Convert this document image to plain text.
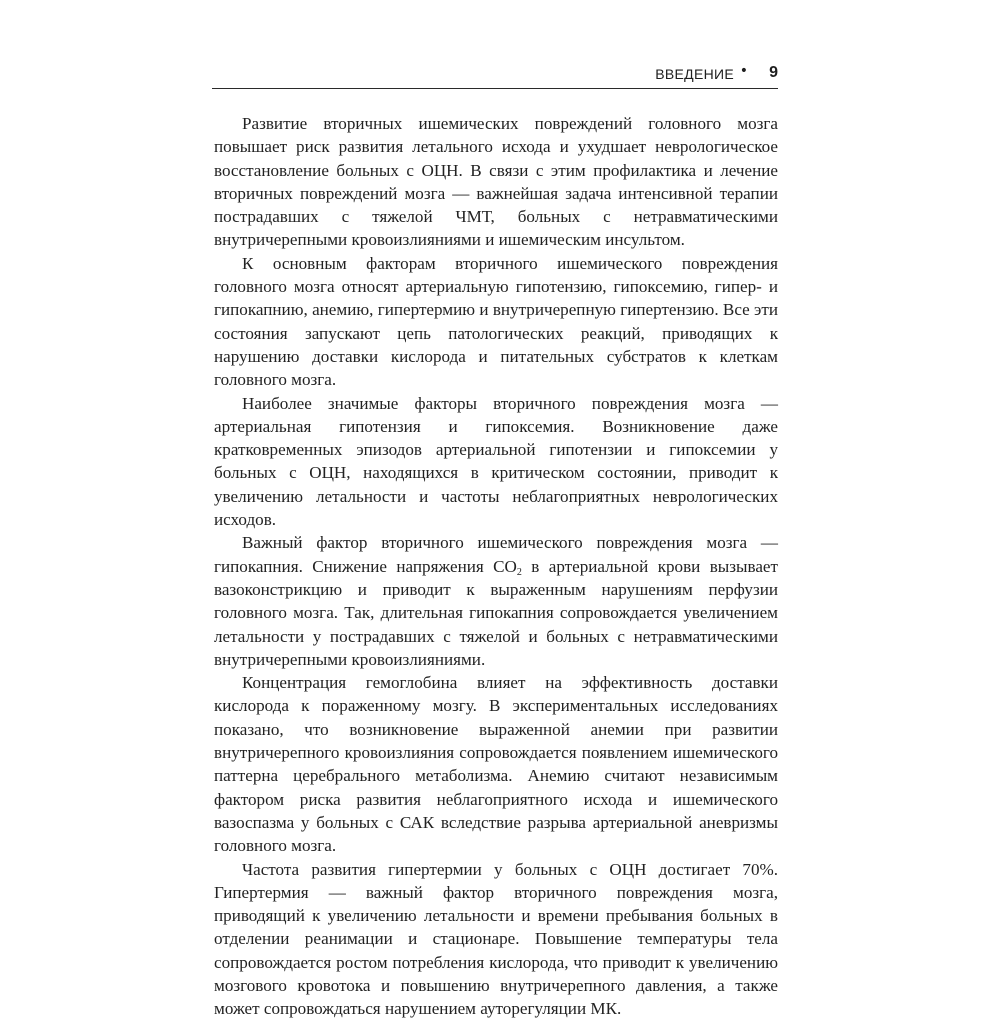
ВВЕДЕНИЕ • 9

Развитие вторичных ишемических повреждений головного мозга повышает риск развития летального исхода и ухудшает неврологическое восстановление больных с ОЦН. В связи с этим профилактика и лечение вторичных повреждений мозга — важнейшая задача интенсивной терапии пострадавших с тяжелой ЧМТ, больных с нетравматическими внутричерепными кровоизлияниями и ишемическим инсультом.

К основным факторам вторичного ишемического повреждения головного мозга относят артериальную гипотензию, гипоксемию, гипер- и гипокапнию, анемию, гипертермию и внутричерепную гипертензию. Все эти состояния запускают цепь патологических реакций, приводящих к нарушению доставки кислорода и питательных субстратов к клеткам головного мозга.

Наиболее значимые факторы вторичного повреждения мозга — артериальная гипотензия и гипоксемия. Возникновение даже кратковременных эпизодов артериальной гипотензии и гипоксемии у больных с ОЦН, находящихся в критическом состоянии, приводит к увеличению летальности и частоты неблагоприятных неврологических исходов.

Важный фактор вторичного ишемического повреждения мозга — гипокапния. Снижение напряжения $СО_2$ в артериальной крови вызывает вазоконстрикцию и приводит к выраженным нарушениям перфузии головного мозга. Так, длительная гипокапния сопровождается увеличением летальности у пострадавших с тяжелой и больных с нетравматическими внутричерепными кровоизлияниями.

Концентрация гемоглобина влияет на эффективность доставки кислорода к пораженному мозгу. В экспериментальных исследованиях показано, что возникновение выраженной анемии при развитии внутричерепного кровоизлияния сопровождается появлением ишемического паттерна церебрального метаболизма. Анемию считают независимым фактором риска развития неблагоприятного исхода и ишемического вазоспазма у больных с САК вследствие разрыва артериальной аневризмы головного мозга.

Частота развития гипертермии у больных с ОЦН достигает 70%. Гипертермия — важный фактор вторичного повреждения мозга, приводящий к увеличению летальности и времени пребывания больных в отделении реанимации и стационаре. Повышение температуры тела сопровождается ростом потребления кислорода, что приводит к увеличению мозгового кровотока и повышению внутричерепного давления, а также может сопровождаться нарушением ауторегуляции МК.
